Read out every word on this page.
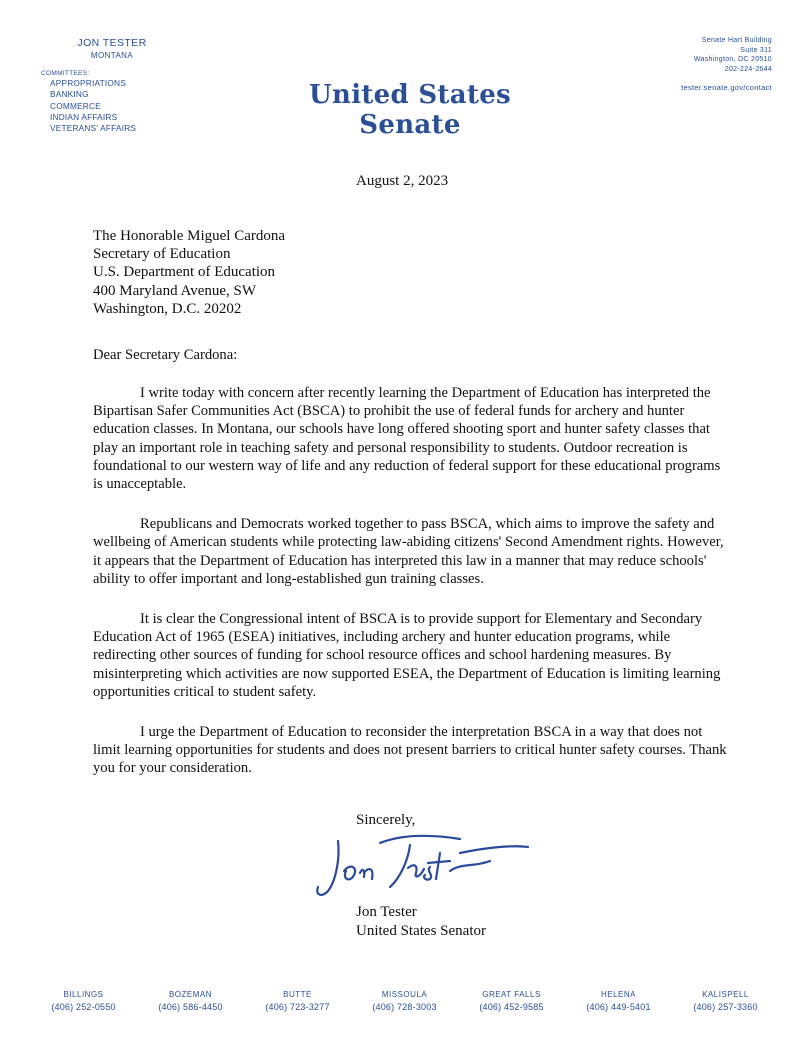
JON TESTER
MONTANA
COMMITTEES:
APPROPRIATIONS
BANKING
COMMERCE
INDIAN AFFAIRS
VETERANS' AFFAIRS
United States Senate
Senate Hart Building
Suite 311
Washington, DC 20510
202-224-2644
tester.senate.gov/contact
August 2, 2023
The Honorable Miguel Cardona
Secretary of Education
U.S. Department of Education
400 Maryland Avenue, SW
Washington, D.C. 20202

Dear Secretary Cardona:

I write today with concern after recently learning the Department of Education has interpreted the Bipartisan Safer Communities Act (BSCA) to prohibit the use of federal funds for archery and hunter education classes. In Montana, our schools have long offered shooting sport and hunter safety classes that play an important role in teaching safety and personal responsibility to students. Outdoor recreation is foundational to our western way of life and any reduction of federal support for these educational programs is unacceptable.

Republicans and Democrats worked together to pass BSCA, which aims to improve the safety and wellbeing of American students while protecting law-abiding citizens' Second Amendment rights. However, it appears that the Department of Education has interpreted this law in a manner that may reduce schools' ability to offer important and long-established gun training classes.

It is clear the Congressional intent of BSCA is to provide support for Elementary and Secondary Education Act of 1965 (ESEA) initiatives, including archery and hunter education programs, while redirecting other sources of funding for school resource offices and school hardening measures. By misinterpreting which activities are now supported ESEA, the Department of Education is limiting learning opportunities critical to student safety.

I urge the Department of Education to reconsider the interpretation BSCA in a way that does not limit learning opportunities for students and does not present barriers to critical hunter safety courses. Thank you for your consideration.

Sincerely,
Jon Tester
United States Senator
BILLINGS
(406) 252-0550
BOZEMAN
(406) 586-4450
BUTTE
(406) 723-3277
MISSOULA
(406) 728-3003
GREAT FALLS
(406) 452-9585
HELENA
(406) 449-5401
KALISPELL
(406) 257-3360
